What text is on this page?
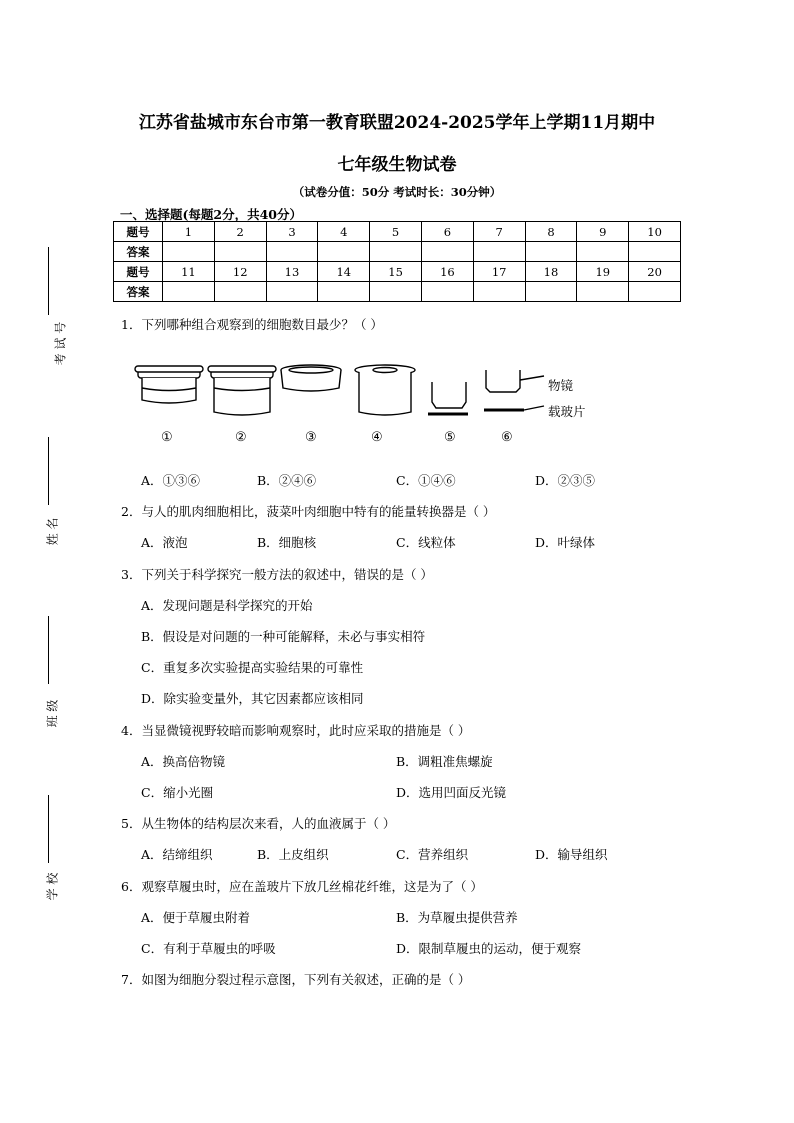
考 试 号
姓 名
班 级
学 校
江苏省盐城市东台市第一教育联盟2024-2025学年上学期11月期中
七年级生物试卷
（试卷分值：50分 考试时长：30分钟）
一、选择题(每题2分，共40分）
题号	1	2	3	4	5	6	7	8	9	10
答案										
题号	11	12	13	14	15	16	17	18	19	20
答案										
1．下列哪种组合观察到的细胞数目最少？（ ）
物镜
载玻片
①	②	③	④	⑤	⑥
A．①③⑥	B．②④⑥	C．①④⑥	D．②③⑤
2．与人的肌肉细胞相比，菠菜叶肉细胞中特有的能量转换器是（ ）
A．液泡	B．细胞核	C．线粒体	D．叶绿体
3．下列关于科学探究一般方法的叙述中，错误的是（ ）
A．发现问题是科学探究的开始
B．假设是对问题的一种可能解释，未必与事实相符
C．重复多次实验提高实验结果的可靠性
D．除实验变量外，其它因素都应该相同
4．当显微镜视野较暗而影响观察时，此时应采取的措施是（ ）
A．换高倍物镜	B．调粗准焦螺旋
C．缩小光圈	D．选用凹面反光镜
5．从生物体的结构层次来看，人的血液属于（ ）
A．结缔组织	B．上皮组织	C．营养组织	D．输导组织
6．观察草履虫时，应在盖玻片下放几丝棉花纤维，这是为了（ ）
A．便于草履虫附着	B．为草履虫提供营养
C．有利于草履虫的呼吸	D．限制草履虫的运动，便于观察
7．如图为细胞分裂过程示意图，下列有关叙述，正确的是（ ）
